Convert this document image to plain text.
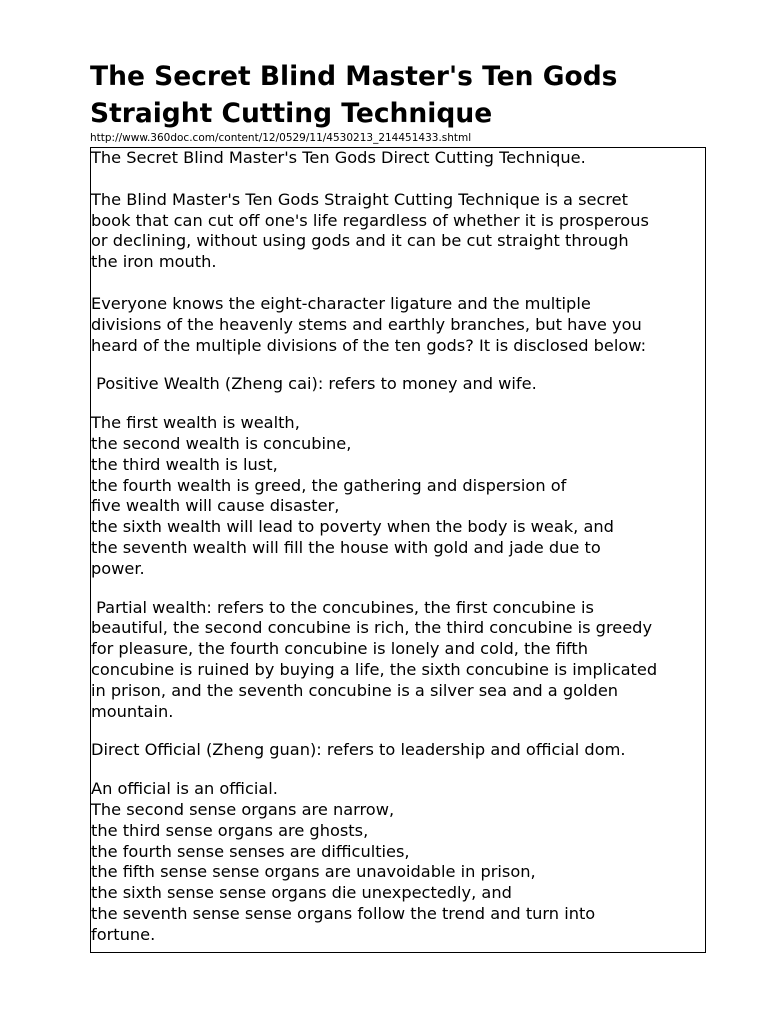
The Secret Blind Master's Ten Gods
Straight Cutting Technique
http://www.360doc.com/content/12/0529/11/4530213_214451433.shtml

The Secret Blind Master's Ten Gods Direct Cutting Technique.

The Blind Master's Ten Gods Straight Cutting Technique is a secret
book that can cut off one's life regardless of whether it is prosperous
or declining, without using gods and it can be cut straight through
the iron mouth.

Everyone knows the eight-character ligature and the multiple
divisions of the heavenly stems and earthly branches, but have you
heard of the multiple divisions of the ten gods? It is disclosed below:

Positive Wealth (Zheng cai): refers to money and wife.

The first wealth is wealth,
the second wealth is concubine,
the third wealth is lust,
the fourth wealth is greed, the gathering and dispersion of
five wealth will cause disaster,
the sixth wealth will lead to poverty when the body is weak, and
the seventh wealth will fill the house with gold and jade due to
power.

Partial wealth: refers to the concubines, the first concubine is
beautiful, the second concubine is rich, the third concubine is greedy
for pleasure, the fourth concubine is lonely and cold, the fifth
concubine is ruined by buying a life, the sixth concubine is implicated
in prison, and the seventh concubine is a silver sea and a golden
mountain.

Direct Official (Zheng guan): refers to leadership and official dom.

An official is an official.
The second sense organs are narrow,
the third sense organs are ghosts,
the fourth sense senses are difficulties,
the fifth sense sense organs are unavoidable in prison,
the sixth sense sense organs die unexpectedly, and
the seventh sense sense organs follow the trend and turn into
fortune.
